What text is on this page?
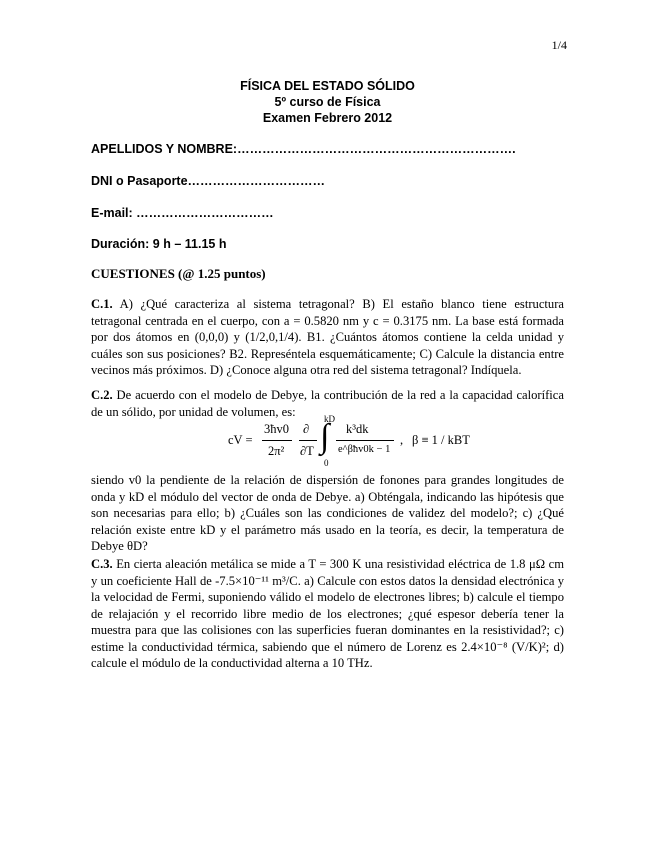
1/4
FÍSICA DEL ESTADO SÓLIDO
5º curso de Física
Examen Febrero 2012
APELLIDOS Y NOMBRE:………………………………………………………….
DNI o Pasaporte……………………………
E-mail: ……………………………
Duración: 9 h – 11.15 h
CUESTIONES (@ 1.25 puntos)
C.1. A) ¿Qué caracteriza al sistema tetragonal? B) El estaño blanco tiene estructura tetragonal centrada en el cuerpo, con a = 0.5820 nm y c = 0.3175 nm. La base está formada por dos átomos en (0,0,0) y (1/2,0,1/4). B1. ¿Cuántos átomos contiene la celda unidad y cuáles son sus posiciones? B2. Represéntela esquemáticamente; C) Calcule la distancia entre vecinos más próximos. D) ¿Conoce alguna otra red del sistema tetragonal? Indíquela.
C.2. De acuerdo con el modelo de Debye, la contribución de la red a la capacidad calorífica de un sólido, por unidad de volumen, es:
cV =
3ħv0
2π²
∂
∂T
kD
∫
0
k³dk
e^βħv0k − 1
, β ≡ 1 / kBT
siendo v0 la pendiente de la relación de dispersión de fonones para grandes longitudes de onda y kD el módulo del vector de onda de Debye. a) Obténgala, indicando las hipótesis que son necesarias para ello; b) ¿Cuáles son las condiciones de validez del modelo?; c) ¿Qué relación existe entre kD y el parámetro más usado en la teoría, es decir, la temperatura de Debye θD?
C.3. En cierta aleación metálica se mide a T = 300 K una resistividad eléctrica de 1.8 μΩ cm y un coeficiente Hall de -7.5×10⁻¹¹ m³/C. a) Calcule con estos datos la densidad electrónica y la velocidad de Fermi, suponiendo válido el modelo de electrones libres; b) calcule el tiempo de relajación y el recorrido libre medio de los electrones; ¿qué espesor debería tener la muestra para que las colisiones con las superficies fueran dominantes en la resistividad?; c) estime la conductividad térmica, sabiendo que el número de Lorenz es 2.4×10⁻⁸ (V/K)²; d) calcule el módulo de la conductividad alterna a 10 THz.
